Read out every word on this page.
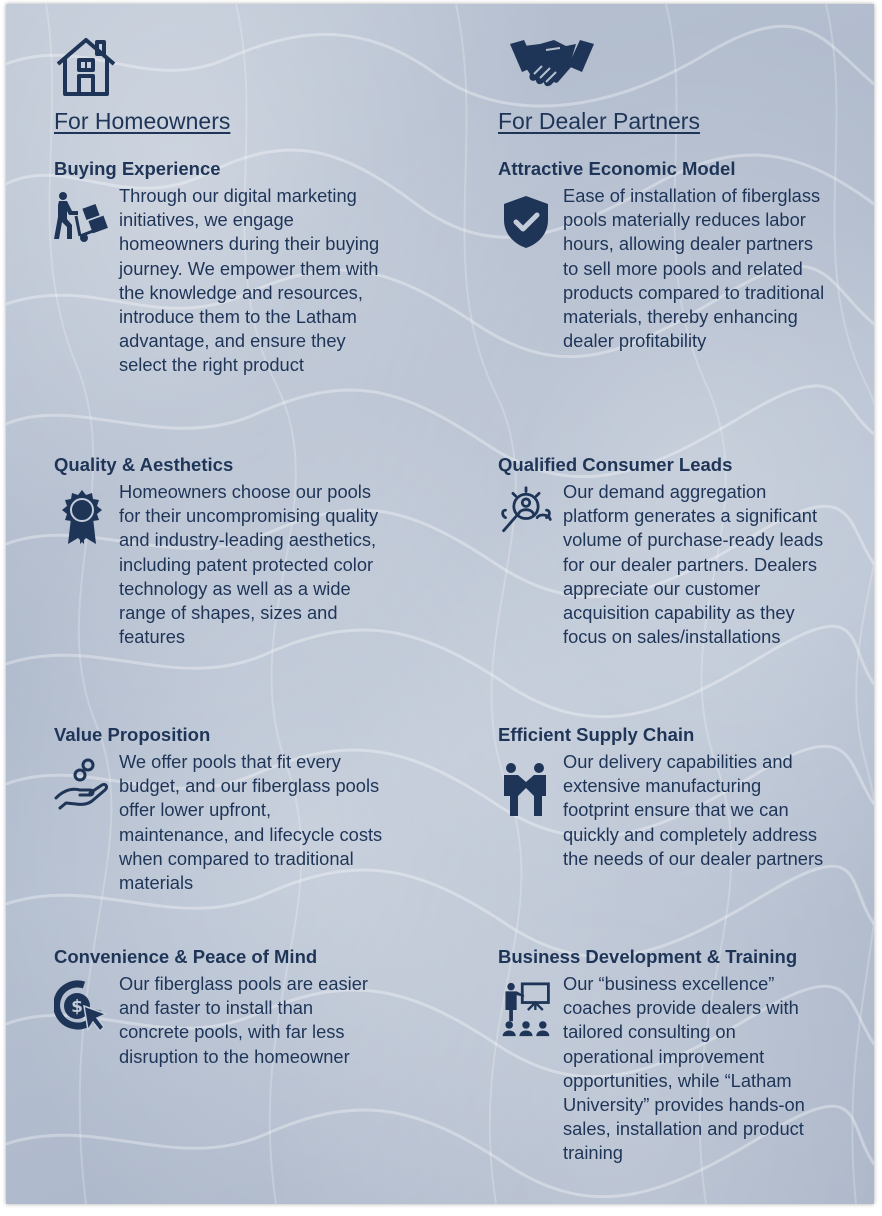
For Homeowners
Buying Experience
Through our digital marketing initiatives, we engage homeowners during their buying journey. We empower them with the knowledge and resources, introduce them to the Latham advantage, and ensure they select the right product
Quality & Aesthetics
Homeowners choose our pools for their uncompromising quality and industry-leading aesthetics, including patent protected color technology as well as a wide range of shapes, sizes and features
Value Proposition
We offer pools that fit every budget, and our fiberglass pools offer lower upfront, maintenance, and lifecycle costs when compared to traditional materials
Convenience & Peace of Mind
$
Our fiberglass pools are easier and faster to install than concrete pools, with far less disruption to the homeowner
For Dealer Partners
Attractive Economic Model
Ease of installation of fiberglass pools materially reduces labor hours, allowing dealer partners to sell more pools and related products compared to traditional materials, thereby enhancing dealer profitability
Qualified Consumer Leads
Our demand aggregation platform generates a significant volume of purchase-ready leads for our dealer partners. Dealers appreciate our customer acquisition capability as they focus on sales/installations
Efficient Supply Chain
Our delivery capabilities and extensive manufacturing footprint ensure that we can quickly and completely address the needs of our dealer partners
Business Development & Training
Our “business excellence” coaches provide dealers with tailored consulting on operational improvement opportunities, while “Latham University” provides hands-on sales, installation and product training
